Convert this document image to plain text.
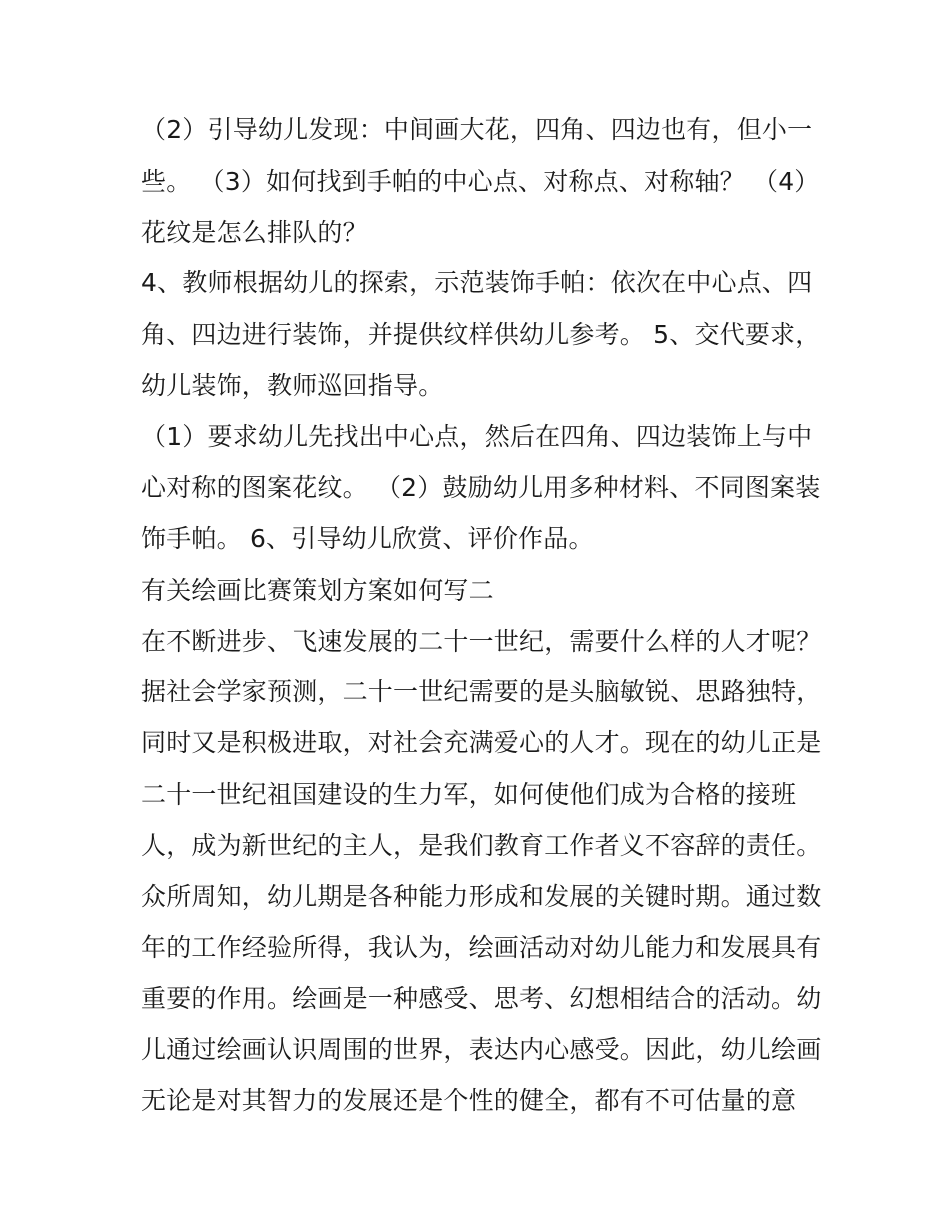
（2）引导幼儿发现：中间画大花，四角、四边也有，但小一
些。 （3）如何找到手帕的中心点、对称点、对称轴？ （4）
花纹是怎么排队的？
4、教师根据幼儿的探索，示范装饰手帕：依次在中心点、四
角、四边进行装饰，并提供纹样供幼儿参考。 5、交代要求，
幼儿装饰，教师巡回指导。
（1）要求幼儿先找出中心点，然后在四角、四边装饰上与中
心对称的图案花纹。 （2）鼓励幼儿用多种材料、不同图案装
饰手帕。 6、引导幼儿欣赏、评价作品。
有关绘画比赛策划方案如何写二
在不断进步、飞速发展的二十一世纪，需要什么样的人才呢？
据社会学家预测，二十一世纪需要的是头脑敏锐、思路独特，
同时又是积极进取，对社会充满爱心的人才。现在的幼儿正是
二十一世纪祖国建设的生力军，如何使他们成为合格的接班
人，成为新世纪的主人，是我们教育工作者义不容辞的责任。
众所周知，幼儿期是各种能力形成和发展的关键时期。通过数
年的工作经验所得，我认为，绘画活动对幼儿能力和发展具有
重要的作用。绘画是一种感受、思考、幻想相结合的活动。幼
儿通过绘画认识周围的世界，表达内心感受。因此，幼儿绘画
无论是对其智力的发展还是个性的健全，都有不可估量的意
